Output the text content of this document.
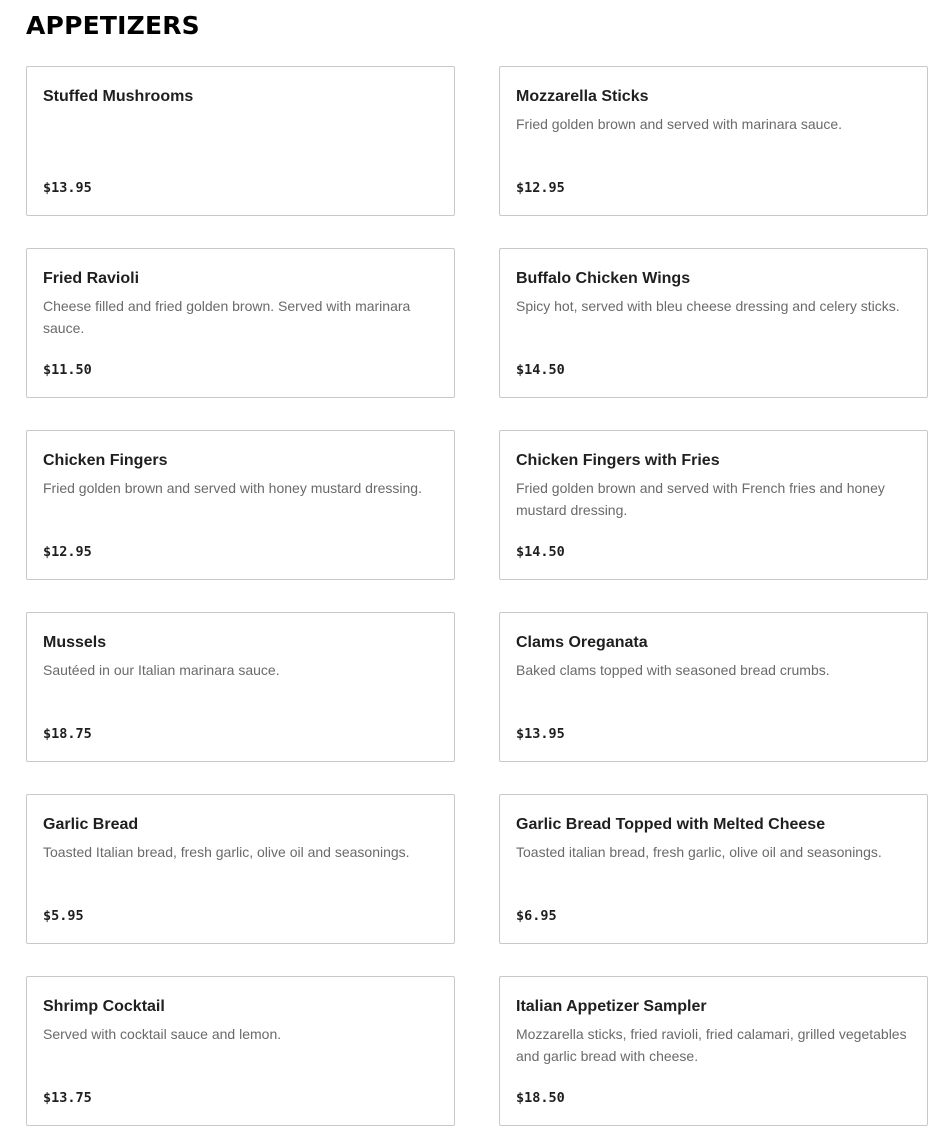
APPETIZERS
Stuffed Mushrooms
$13.95
Mozzarella Sticks
Fried golden brown and served with marinara sauce.
$12.95
Fried Ravioli
Cheese filled and fried golden brown. Served with marinara sauce.
$11.50
Buffalo Chicken Wings
Spicy hot, served with bleu cheese dressing and celery sticks.
$14.50
Chicken Fingers
Fried golden brown and served with honey mustard dressing.
$12.95
Chicken Fingers with Fries
Fried golden brown and served with French fries and honey mustard dressing.
$14.50
Mussels
Sautéed in our Italian marinara sauce.
$18.75
Clams Oreganata
Baked clams topped with seasoned bread crumbs.
$13.95
Garlic Bread
Toasted Italian bread, fresh garlic, olive oil and seasonings.
$5.95
Garlic Bread Topped with Melted Cheese
Toasted italian bread, fresh garlic, olive oil and seasonings.
$6.95
Shrimp Cocktail
Served with cocktail sauce and lemon.
$13.75
Italian Appetizer Sampler
Mozzarella sticks, fried ravioli, fried calamari, grilled vegetables and garlic bread with cheese.
$18.50
